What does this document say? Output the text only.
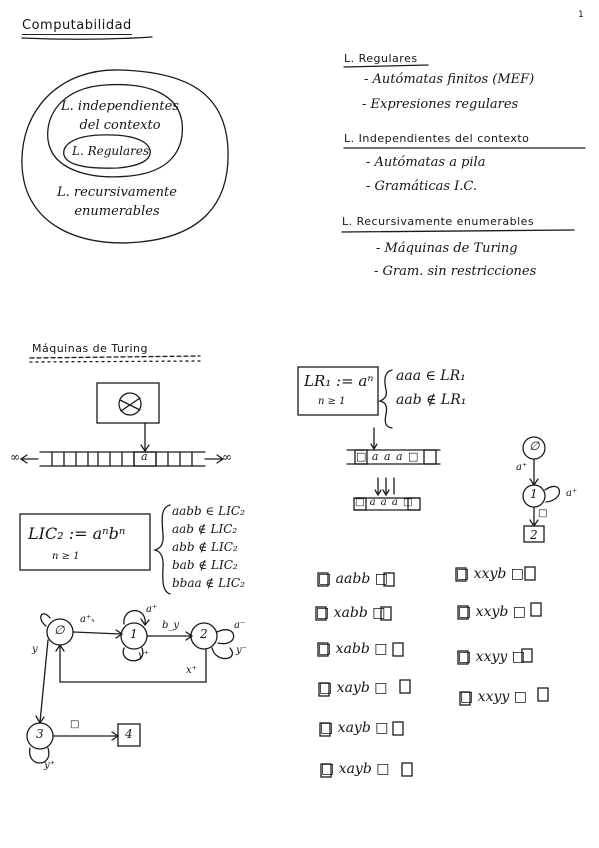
1
Computabilidad
L. independientes del contexto
L. Regulares
L. recursivamente enumerables
L. Regulares
- Autómatas finitos (MEF)
- Expresiones regulares
L. Independientes del contexto
- Autómatas a pila
- Gramáticas I.C.
L. Recursivamente enumerables
- Máquinas de Turing
- Gram. sin restricciones
Máquinas de Turing
∞	∞
a
LR₁ := aⁿ
n ≥ 1
aaa ∈ LR₁
aab ∉ LR₁
□ a a a □
□ a a a □
∅
1
2
a⁺
a⁺
□
LIC₂ := aⁿbⁿ
n ≥ 1
aabb ∈ LIC₂
aab ∉ LIC₂
abb ∉ LIC₂
bab ∉ LIC₂
bbaa ∉ LIC₂
∅	1	2
3	4
a⁺ₓ
a⁺
b_y	a⁻
y⁻
y⁺
x⁺
y
□
y⁺
□ aabb □
□ xabb □
□ xabb □
□ xayb □
□ xayb □
□ xayb □
□ xxyb □
□ xxyb □
□ xxyy □
□ xxyy □
